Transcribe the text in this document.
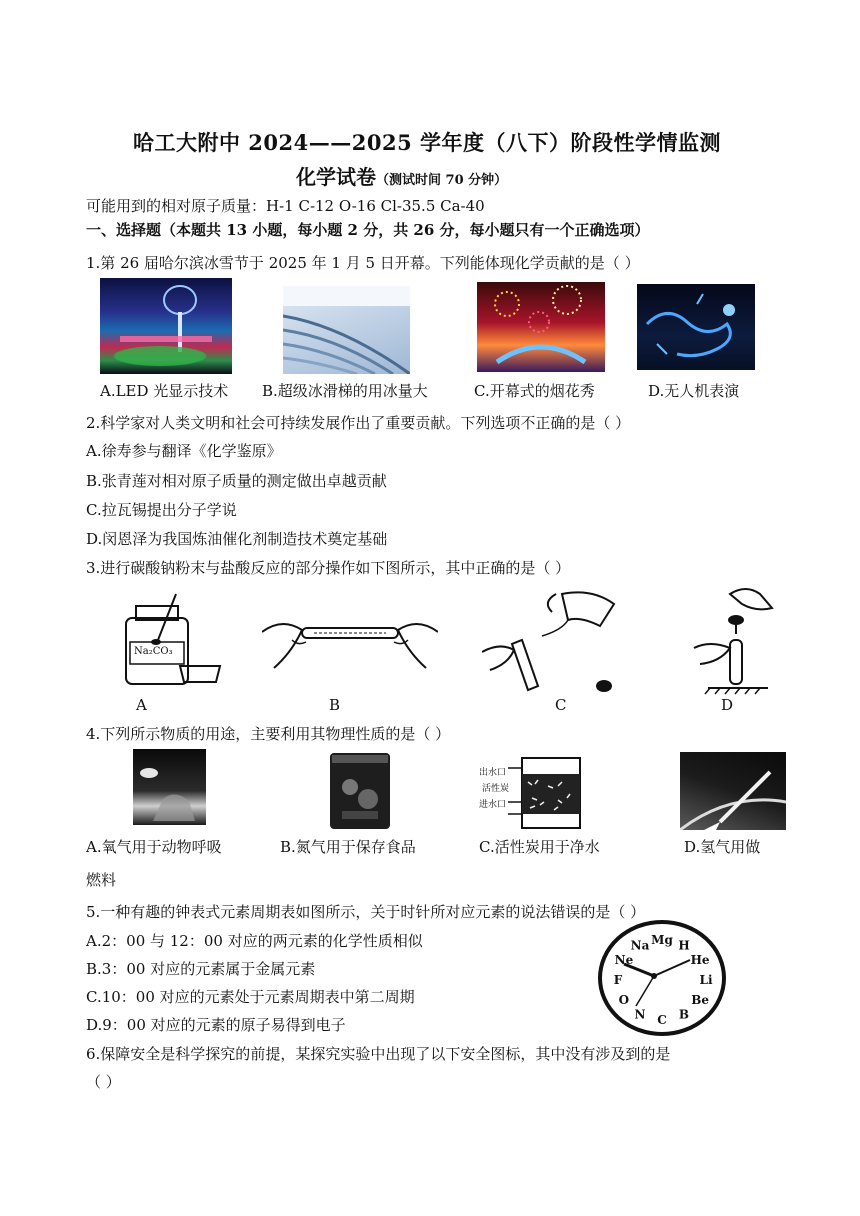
哈工大附中 2024——2025 学年度（八下）阶段性学情监测
化学试卷（测试时间 70 分钟）
可能用到的相对原子质量：H-1 C-12 O-16 Cl-35.5 Ca-40
一、选择题（本题共 13 小题，每小题 2 分，共 26 分，每小题只有一个正确选项）
1.第 26 届哈尔滨冰雪节于 2025 年 1 月 5 日开幕。下列能体现化学贡献的是（ ）
A.LED 光显示技术 B.超级冰滑梯的用冰量大	C.开幕式的烟花秀	D.无人机表演
2.科学家对人类文明和社会可持续发展作出了重要贡献。下列选项不正确的是（ ）
A.徐寿参与翻译《化学鉴原》
B.张青莲对相对原子质量的测定做出卓越贡献
C.拉瓦锡提出分子学说
D.闵恩泽为我国炼油催化剂制造技术奠定基础
3.进行碳酸钠粉末与盐酸反应的部分操作如下图所示，其中正确的是（ ）
Na₂CO₃
A	B	C	D
4.下列所示物质的用途，主要利用其物理性质的是（ ）
出水口
活性炭
进水口
A.氧气用于动物呼吸	B.氮气用于保存食品	C.活性炭用于净水	D.氢气用做
燃料
5.一种有趣的钟表式元素周期表如图所示，关于时针所对应元素的说法错误的是（ ）
A.2：00 与 12：00 对应的两元素的化学性质相似
B.3：00 对应的元素属于金属元素
C.10：00 对应的元素处于元素周期表中第二周期
D.9：00 对应的元素的原子易得到电子
H
He
Li
Be
B
C
N
O
F
Ne
Na Mg
6.保障安全是科学探究的前提，某探究实验中出现了以下安全图标，其中没有涉及到的是
（ ）
